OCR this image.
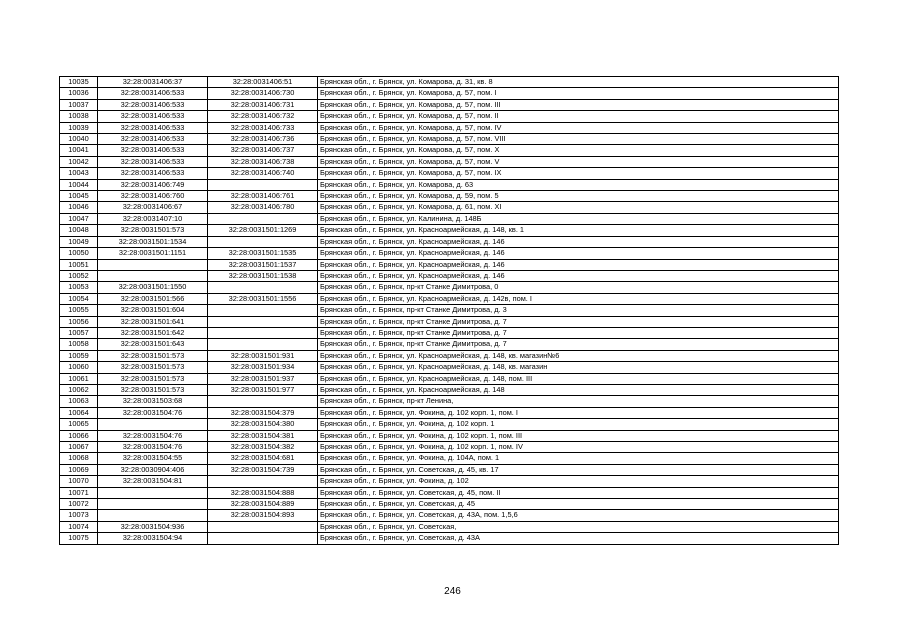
10035	32:28:0031406:37	32:28:0031406:51	Брянская обл., г. Брянск, ул. Комарова, д. 31, кв. 8
10036	32:28:0031406:533	32:28:0031406:730	Брянская обл., г. Брянск, ул. Комарова, д. 57, пом. I
10037	32:28:0031406:533	32:28:0031406:731	Брянская обл., г. Брянск, ул. Комарова, д. 57, пом. III
10038	32:28:0031406:533	32:28:0031406:732	Брянская обл., г. Брянск, ул. Комарова, д. 57, пом. II
10039	32:28:0031406:533	32:28:0031406:733	Брянская обл., г. Брянск, ул. Комарова, д. 57, пом. IV
10040	32:28:0031406:533	32:28:0031406:736	Брянская обл., г. Брянск, ул. Комарова, д. 57, пом. VIII
10041	32:28:0031406:533	32:28:0031406:737	Брянская обл., г. Брянск, ул. Комарова, д. 57, пом. X
10042	32:28:0031406:533	32:28:0031406:738	Брянская обл., г. Брянск, ул. Комарова, д. 57, пом. V
10043	32:28:0031406:533	32:28:0031406:740	Брянская обл., г. Брянск, ул. Комарова, д. 57, пом. IX
10044	32:28:0031406:749		Брянская обл., г. Брянск, ул. Комарова, д. 63
10045	32:28:0031406:760	32:28:0031406:761	Брянская обл., г. Брянск, ул. Комарова, д. 59, пом. 5
10046	32:28:0031406:67	32:28:0031406:780	Брянская обл., г. Брянск, ул. Комарова, д. 61, пом. XI
10047	32:28:0031407:10		Брянская обл., г. Брянск, ул. Калинина, д. 148Б
10048	32:28:0031501:573	32:28:0031501:1269	Брянская обл., г. Брянск, ул. Красноармейская, д. 148, кв. 1
10049	32:28:0031501:1534		Брянская обл., г. Брянск, ул. Красноармейская, д. 146
10050	32:28:0031501:1151	32:28:0031501:1535	Брянская обл., г. Брянск, ул. Красноармейская, д. 146
10051		32:28:0031501:1537	Брянская обл., г. Брянск, ул. Красноармейская, д. 146
10052		32:28:0031501:1538	Брянская обл., г. Брянск, ул. Красноармейская, д. 146
10053	32:28:0031501:1550		Брянская обл., г. Брянск, пр-кт Станке Димитрова, 0
10054	32:28:0031501:566	32:28:0031501:1556	Брянская обл., г. Брянск, ул. Красноармейская, д. 142в, пом. I
10055	32:28:0031501:604		Брянская обл., г. Брянск, пр-кт Станке Димитрова, д. 3
10056	32:28:0031501:641		Брянская обл., г. Брянск, пр-кт Станке Димитрова, д. 7
10057	32:28:0031501:642		Брянская обл., г. Брянск, пр-кт Станке Димитрова, д. 7
10058	32:28:0031501:643		Брянская обл., г. Брянск, пр-кт Станке Димитрова, д. 7
10059	32:28:0031501:573	32:28:0031501:931	Брянская обл., г. Брянск, ул. Красноармейская, д. 148, кв. магазин№6
10060	32:28:0031501:573	32:28:0031501:934	Брянская обл., г. Брянск, ул. Красноармейская, д. 148, кв. магазин
10061	32:28:0031501:573	32:28:0031501:937	Брянская обл., г. Брянск, ул. Красноармейская, д. 148, пом. III
10062	32:28:0031501:573	32:28:0031501:977	Брянская обл., г. Брянск, ул. Красноармейская, д. 148
10063	32:28:0031503:68		Брянская обл., г. Брянск, пр-кт Ленина,
10064	32:28:0031504:76	32:28:0031504:379	Брянская обл., г. Брянск, ул. Фокина, д. 102 корп. 1, пом. I
10065		32:28:0031504:380	Брянская обл., г. Брянск, ул. Фокина, д. 102 корп. 1
10066	32:28:0031504:76	32:28:0031504:381	Брянская обл., г. Брянск, ул. Фокина, д. 102 корп. 1, пом. III
10067	32:28:0031504:76	32:28:0031504:382	Брянская обл., г. Брянск, ул. Фокина, д. 102 корп. 1, пом. IV
10068	32:28:0031504:55	32:28:0031504:681	Брянская обл., г. Брянск, ул. Фокина, д. 104А, пом. 1
10069	32:28:0030904:406	32:28:0031504:739	Брянская обл., г. Брянск, ул. Советская, д. 45, кв. 17
10070	32:28:0031504:81		Брянская обл., г. Брянск, ул. Фокина, д. 102
10071		32:28:0031504:888	Брянская обл., г. Брянск, ул. Советская, д. 45, пом. II
10072		32:28:0031504:889	Брянская обл., г. Брянск, ул. Советская, д. 45
10073		32:28:0031504:893	Брянская обл., г. Брянск, ул. Советская, д. 43А, пом. 1,5,6
10074	32:28:0031504:936		Брянская обл., г. Брянск, ул. Советская,
10075	32:28:0031504:94		Брянская обл., г. Брянск, ул. Советская, д. 43А
246
